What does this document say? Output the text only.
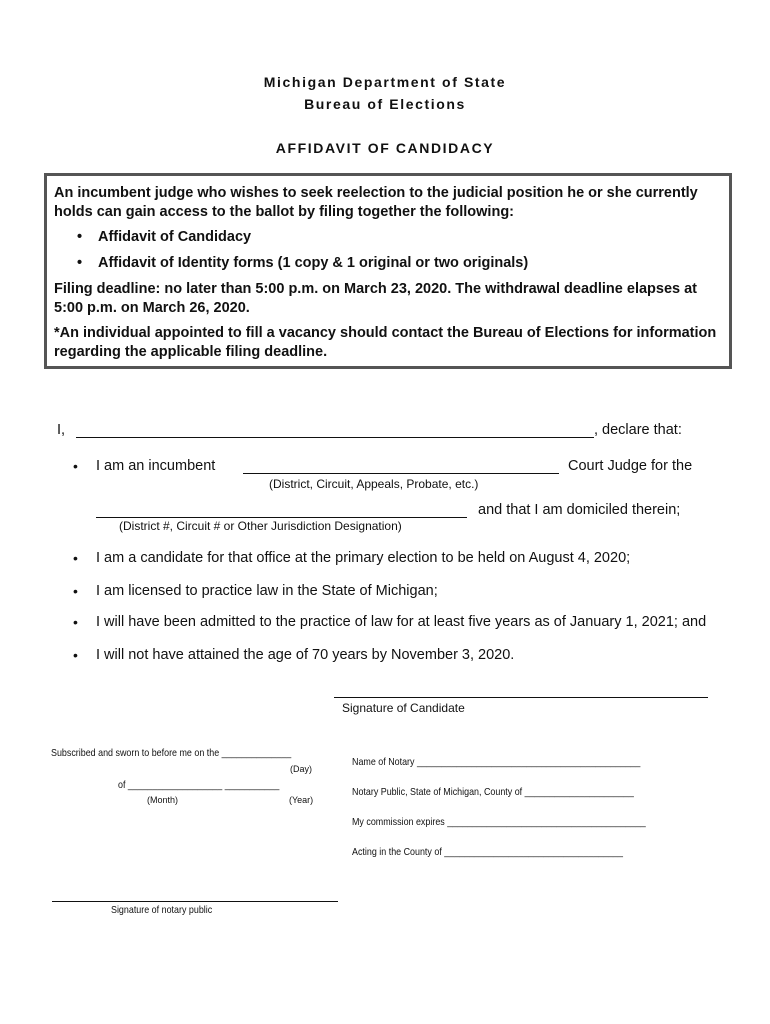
Michigan Department of State
Bureau of Elections
AFFIDAVIT OF CANDIDACY

An incumbent judge who wishes to seek reelection to the judicial position he or she currently holds can gain access to the ballot by filing together the following:

• Affidavit of Candidacy
• Affidavit of Identity forms (1 copy & 1 original or two originals)

Filing deadline: no later than 5:00 p.m. on March 23, 2020. The withdrawal deadline elapses at 5:00 p.m. on March 26, 2020.

*An individual appointed to fill a vacancy should contact the Bureau of Elections for information regarding the applicable filing deadline.

I,	, declare that:
• I am an incumbent	Court Judge for the
(District, Circuit, Appeals, Probate, etc.)
and that I am domiciled therein;
(District #, Circuit # or Other Jurisdiction Designation)
• I am a candidate for that office at the primary election to be held on August 4, 2020;
• I am licensed to practice law in the State of Michigan;
• I will have been admitted to the practice of law for at least five years as of January 1, 2021; and
• I will not have attained the age of 70 years by November 3, 2020.
Signature of Candidate
Subscribed and sworn to before me on the ______________
(Day)
of ___________________ ___________
(Month)	(Year)
Name of Notary _____________________________________________
Notary Public, State of Michigan, County of ______________________
My commission expires ________________________________________
Acting in the County of ____________________________________
Signature of notary public
